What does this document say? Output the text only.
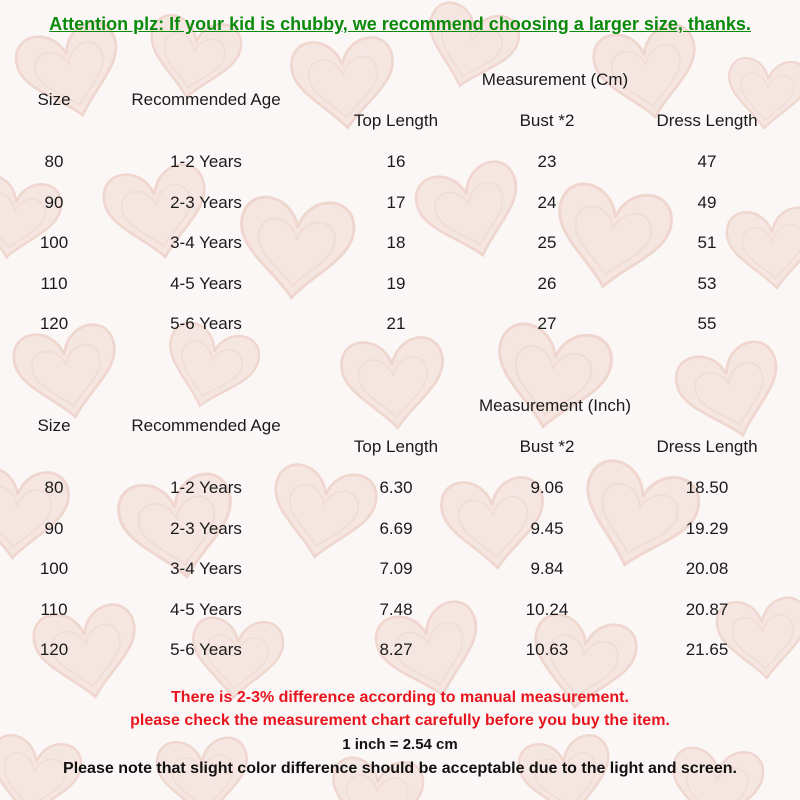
Attention plz: If your kid is chubby, we recommend choosing a larger size, thanks.
Measurement (Cm)
Size	Recommended Age
Top Length	Bust *2	Dress Length
80	1-2 Years	16	23	47
90	2-3 Years	17	24	49
100	3-4 Years	18	25	51
110	4-5 Years	19	26	53
120	5-6 Years	21	27	55
Measurement (Inch)
Size	Recommended Age
Top Length	Bust *2	Dress Length
80	1-2 Years	6.30	9.06	18.50
90	2-3 Years	6.69	9.45	19.29
100	3-4 Years	7.09	9.84	20.08
110	4-5 Years	7.48	10.24	20.87
120	5-6 Years	8.27	10.63	21.65
There is 2-3% difference according to manual measurement.
please check the measurement chart carefully before you buy the item.
1 inch = 2.54 cm
Please note that slight color difference should be acceptable due to the light and screen.
